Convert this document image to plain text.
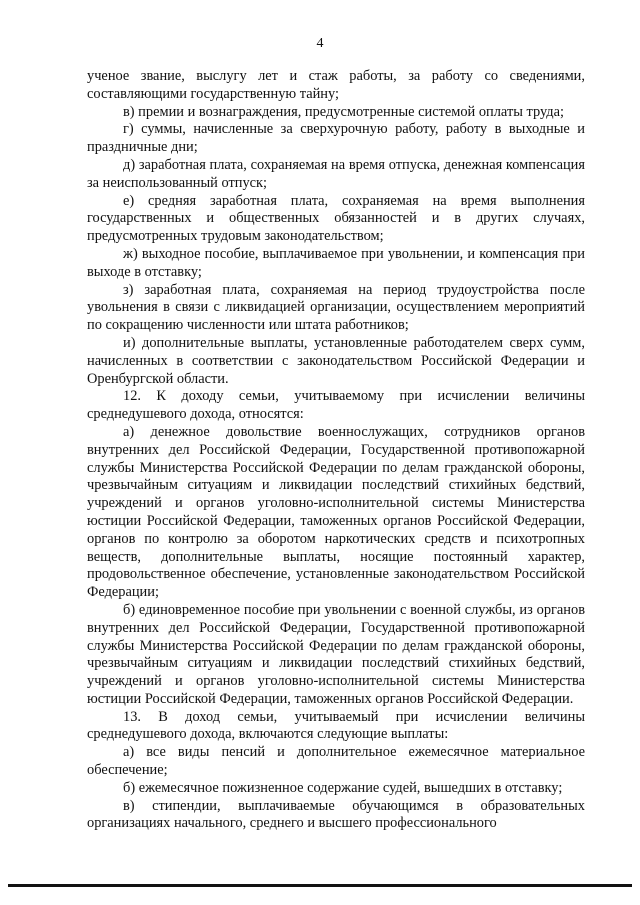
4

ученое звание, выслугу лет и стаж работы, за работу со сведениями, составляющими государственную тайну;

в) премии и вознаграждения, предусмотренные системой оплаты труда;

г) суммы, начисленные за сверхурочную работу, работу в выходные и праздничные дни;

д) заработная плата, сохраняемая на время отпуска, денежная компенсация за неиспользованный отпуск;

е) средняя заработная плата, сохраняемая на время выполнения государственных и общественных обязанностей и в других случаях, предусмотренных трудовым законодательством;

ж) выходное пособие, выплачиваемое при увольнении, и компенсация при выходе в отставку;

з) заработная плата, сохраняемая на период трудоустройства после увольнения в связи с ликвидацией организации, осуществлением мероприятий по сокращению численности или штата работников;

и) дополнительные выплаты, установленные работодателем сверх сумм, начисленных в соответствии с законодательством Российской Федерации и Оренбургской области.

12. К доходу семьи, учитываемому при исчислении величины среднедушевого дохода, относятся:

а) денежное довольствие военнослужащих, сотрудников органов внутренних дел Российской Федерации, Государственной противопожарной службы Министерства Российской Федерации по делам гражданской обороны, чрезвычайным ситуациям и ликвидации последствий стихийных бедствий, учреждений и органов уголовно-исполнительной системы Министерства юстиции Российской Федерации, таможенных органов Российской Федерации, органов по контролю за оборотом наркотических средств и психотропных веществ, дополнительные выплаты, носящие постоянный характер, продовольственное обеспечение, установленные законодательством Российской Федерации;

б) единовременное пособие при увольнении с военной службы, из органов внутренних дел Российской Федерации, Государственной противопожарной службы Министерства Российской Федерации по делам гражданской обороны, чрезвычайным ситуациям и ликвидации последствий стихийных бедствий, учреждений и органов уголовно-исполнительной системы Министерства юстиции Российской Федерации, таможенных органов Российской Федерации.

13. В доход семьи, учитываемый при исчислении величины среднедушевого дохода, включаются следующие выплаты:

а) все виды пенсий и дополнительное ежемесячное материальное обеспечение;

б) ежемесячное пожизненное содержание судей, вышедших в отставку;

в) стипендии, выплачиваемые обучающимся в образовательных организациях начального, среднего и высшего профессионального
